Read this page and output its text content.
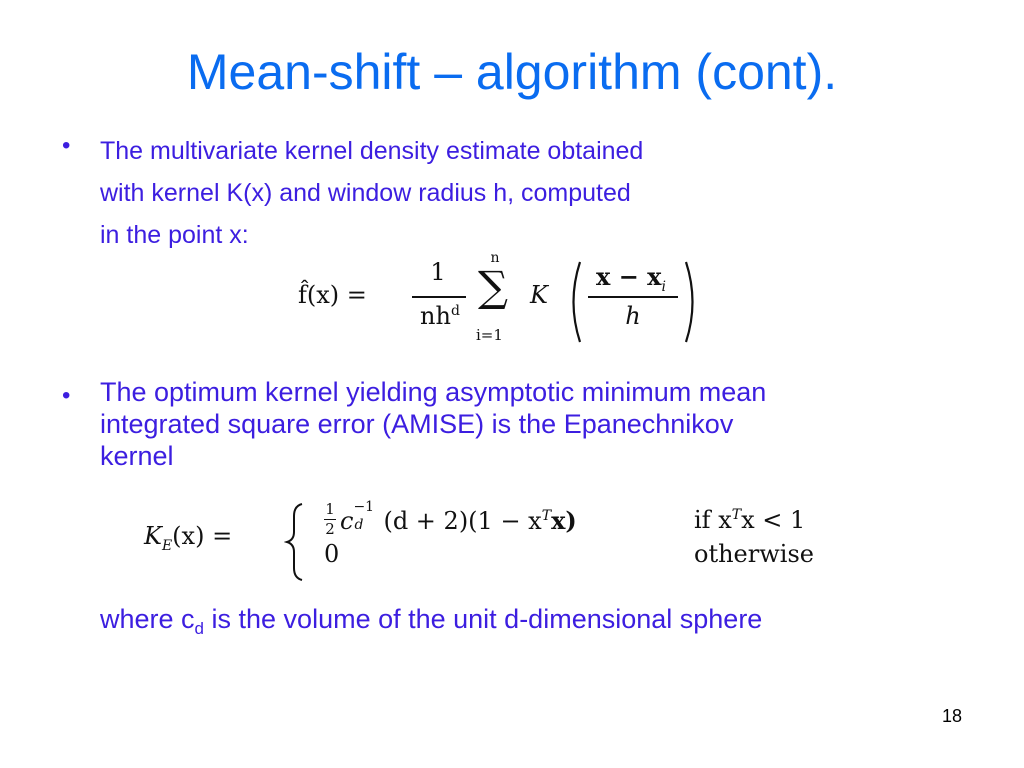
Mean-shift – algorithm (cont).
• The multivariate kernel density estimate obtained
with kernel K(x) and window radius h, computed
in the point x:
f̂(x) =
1
$nh^d$
n
∑
i=1
K
$x - x_i$
h
• The optimum kernel yielding asymptotic minimum mean
integrated square error (AMISE) is the Epanechnikov
kernel
$K_E(x)$ =
1
2 c −1
d $(d + 2)(1 - x^Tx)$	if $x^Tx < 1$
0	otherwise
where $c_d$ is the volume of the unit d-dimensional sphere
18
